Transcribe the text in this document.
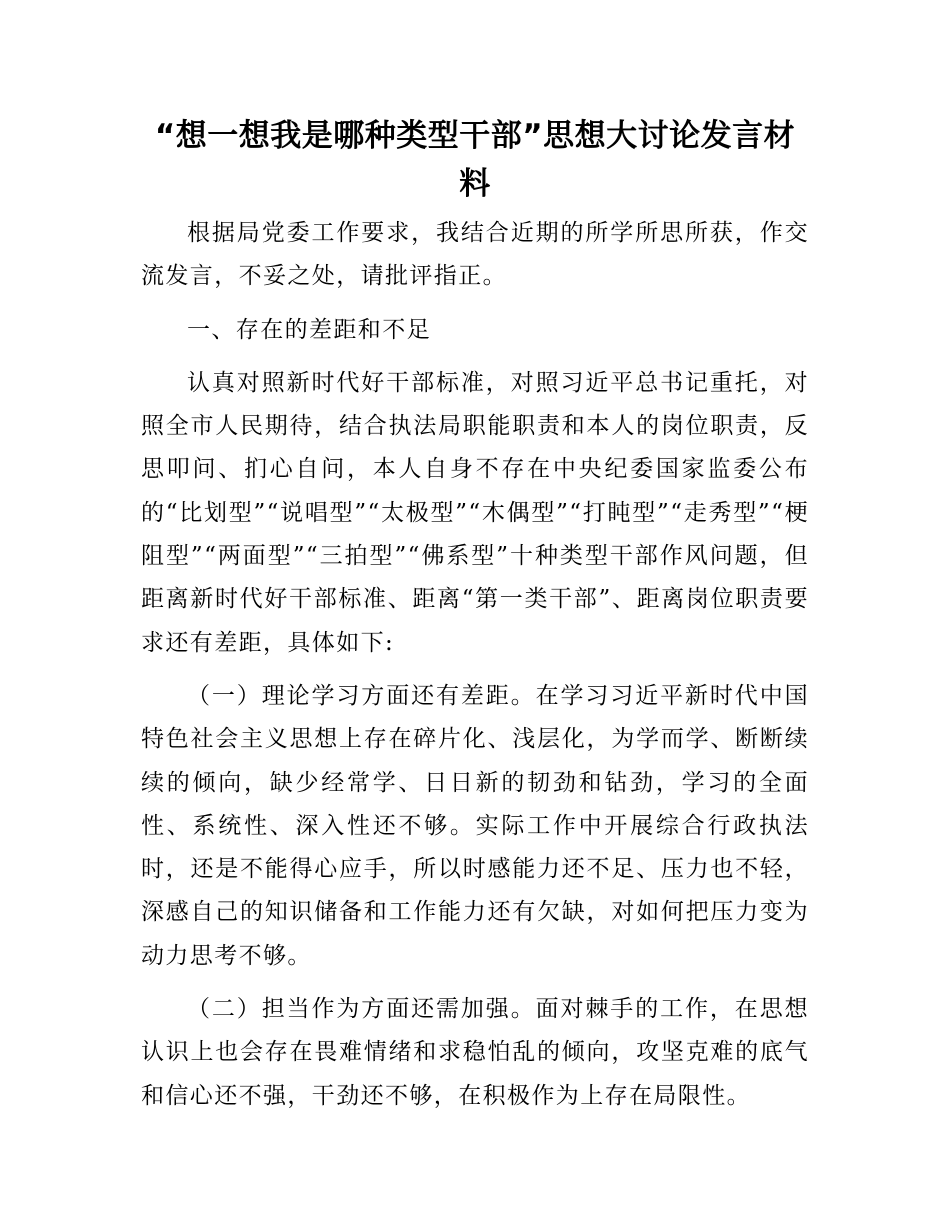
“想一想我是哪种类型干部”思想大讨论发言材料

根据局党委工作要求，我结合近期的所学所思所获，作交流发言，不妥之处，请批评指正。

一、存在的差距和不足

认真对照新时代好干部标准，对照习近平总书记重托，对照全市人民期待，结合执法局职能职责和本人的岗位职责，反思叩问、扪心自问，本人自身不存在中央纪委国家监委公布的“比划型”“说唱型”“太极型”“木偶型”“打盹型”“走秀型”“梗阻型”“两面型”“三拍型”“佛系型”十种类型干部作风问题，但距离新时代好干部标准、距离“第一类干部”、距离岗位职责要求还有差距，具体如下:

（一）理论学习方面还有差距。在学习习近平新时代中国特色社会主义思想上存在碎片化、浅层化，为学而学、断断续续的倾向，缺少经常学、日日新的韧劲和钻劲，学习的全面性、系统性、深入性还不够。实际工作中开展综合行政执法时，还是不能得心应手，所以时感能力还不足、压力也不轻，深感自己的知识储备和工作能力还有欠缺，对如何把压力变为动力思考不够。

（二）担当作为方面还需加强。面对棘手的工作，在思想认识上也会存在畏难情绪和求稳怕乱的倾向，攻坚克难的底气和信心还不强，干劲还不够，在积极作为上存在局限性。
